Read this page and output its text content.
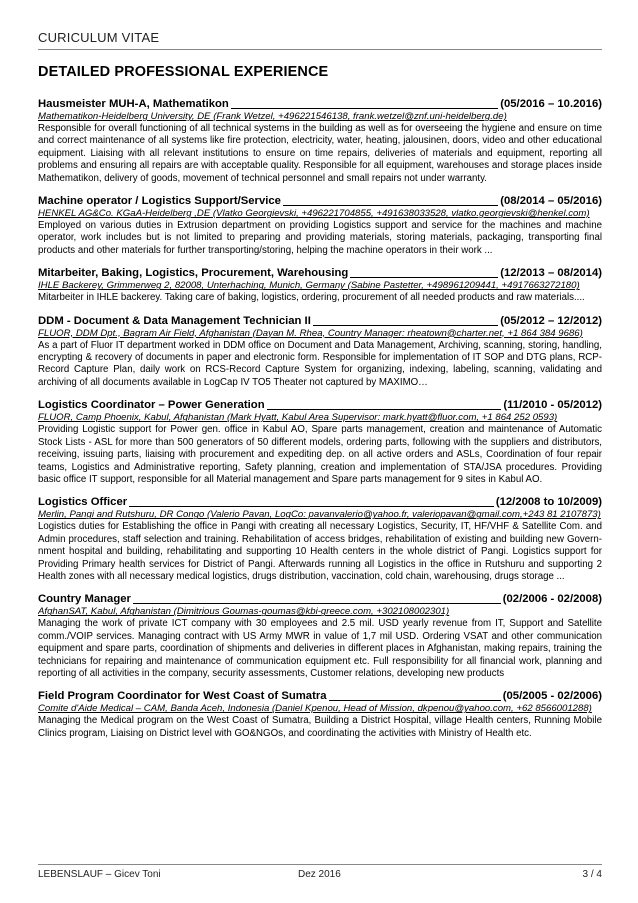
CURICULUM VITAE
DETAILED PROFESSIONAL EXPERIENCE
Hausmeister MUH-A, Mathematikon	(05/2016 – 10.2016)
Mathematikon-Heidelberg University, DE (Frank Wetzel, +496221546138, frank.wetzel@znf.uni-heidelberg.de)
Responsible for overall functioning of all technical systems in the building as well as for overseeing the hygiene and ensure on time and correct maintenance of all systems like fire protection, electricity, water, heating, jalousinen, doors, video and other educational equipment. Liaising with all relevant institutions to ensure on time repairs, deliveries of materials and equipment, reporting all problems and ensuring all repairs are with acceptable quality. Responsible for all equipment, warehouses and storage places inside Mathematikon, delivery of goods, movement of technical personnel and small repairs not under warranty.
Machine operator / Logistics Support/Service	(08/2014 – 05/2016)
HENKEL AG&Co. KGaA-Heidelberg ,DE (Vlatko Georgievski, +496221704855, +491638033528, vlatko.georgievski@henkel.com)
Employed on various duties in Extrusion department on providing Logistics support and service for the machines and machine operator, work includes but is not limited to preparing and providing materials, storing materials, packaging, transporting final products and other materials for further transporting/storing, helping the machine operators in their work ...
Mitarbeiter, Baking, Logistics, Procurement, Warehousing	(12/2013 – 08/2014)
IHLE Backerey, Grimmerweg 2, 82008, Unterhaching, Munich, Germany (Sabine Pastetter, +498961209441, +4917663272180)
Mitarbeiter in IHLE backerey. Taking care of baking, logistics, ordering, procurement of all needed products and raw materials....
DDM - Document & Data Management Technician II	(05/2012 – 12/2012)
FLUOR, DDM Dpt., Bagram Air Field, Afghanistan (Dayan M. Rhea, Country Manager: rheatown@charter.net, +1 864 384 9686)
As a part of Fluor IT department worked in DDM office on Document and Data Management, Archiving, scanning, storing, handling, encrypting & recovery of documents in paper and electronic form. Responsible for implementation of IT SOP and DTG plans, RCP-Record Capture Plan, daily work on RCS-Record Capture System for organizing, indexing, labeling, scanning, validating and archiving of all documents available in LogCap IV TO5 Theater not captured by MAXIMO…
Logistics Coordinator – Power Generation	(11/2010 - 05/2012)
FLUOR, Camp Phoenix, Kabul, Afghanistan (Mark Hyatt, Kabul Area Supervisor: mark.hyatt@fluor.com, +1 864 252 0593)
Providing Logistic support for Power gen. office in Kabul AO, Spare parts management, creation and maintenance of Automatic Stock Lists - ASL for more than 500 generators of 50 different models, ordering parts, following with the suppliers and distributors, receiving, issuing parts, liaising with procurement and expediting dep. on all active orders and ASLs, Coordination of four repair teams, Logistics and Administrative reporting, Safety planning, creation and implementation of STA/JSA procedures. Providing basic office IT support, responsible for all Material management and Spare parts management for 9 sites in Kabul AO.
Logistics Officer	(12/2008 to 10/2009)
Merlin, Pangi and Rutshuru, DR Congo (Valerio Pavan, LogCo: pavanvalerio@yahoo.fr, valeriopavan@gmail.com,+243 81 2107873)
Logistics duties for Establishing the office in Pangi with creating all necessary Logistics, Security, IT, HF/VHF & Satellite Com. and Admin procedures, staff selection and training. Rehabilitation of access bridges, rehabilitation of existing and building new Govern-nment hospital and building, rehabilitating and supporting 10 Health centers in the whole district of Pangi. Logistics support for Providing Primary health services for District of Pangi. Afterwards running all Logistics in the office in Rutshuru and supporting 2 Health zones with all necessary medical logistics, drugs distribution, vaccination, cold chain, warehousing, drugs storage ...
Country Manager	(02/2006 - 02/2008)
AfghanSAT, Kabul, Afghanistan (Dimitrious Goumas-goumas@kbi-greece.com, +302108002301)
Managing the work of private ICT company with 30 employees and 2.5 mil. USD yearly revenue from IT, Support and Satellite comm./VOIP services. Managing contract with US Army MWR in value of 1,7 mil USD. Ordering VSAT and other communication equipment and spare parts, coordination of shipments and deliveries in different places in Afghanistan, making repairs, training the technicians for repairing and maintenance of communication equipment etc. Full responsibility for all financial work, planning and reporting of all activities in the company, security assessments, Customer relations, developing new products
Field Program Coordinator for West Coast of Sumatra	(05/2005 - 02/2006)
Comite d'Aide Medical – CAM, Banda Aceh, Indonesia (Daniel Kpenou, Head of Mission, dkpenou@yahoo.com, +62 8566001288)
Managing the Medical program on the West Coast of Sumatra, Building a District Hospital, village Health centers, Running Mobile Clinics program, Liaising on District level with GO&NGOs, and coordinating the activities with Ministry of Health etc.
LEBENSLAUF – Gicev Toni	Dez 2016	3 / 4
